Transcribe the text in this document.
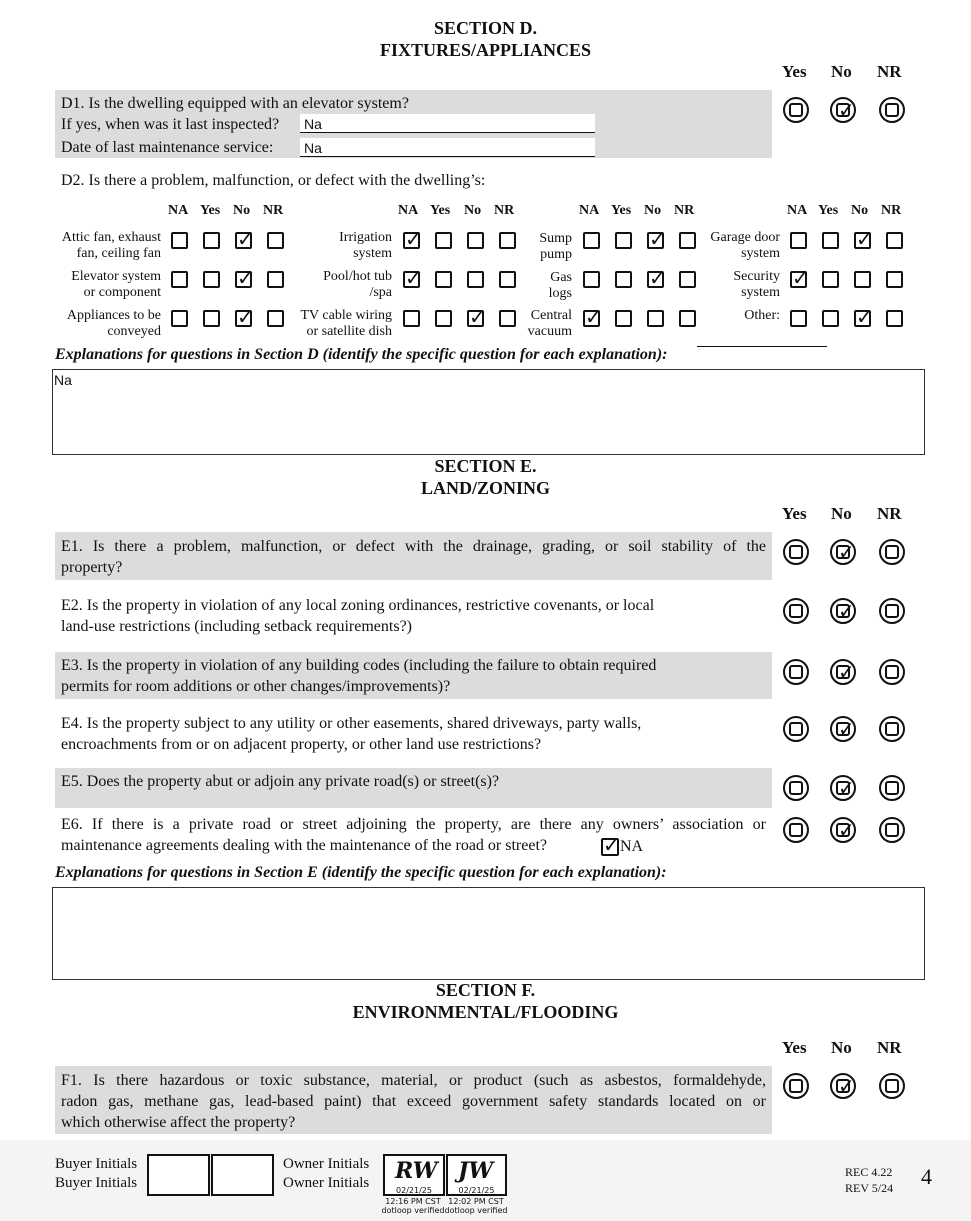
SECTION D.
FIXTURES/APPLIANCES
Yes No NR
D1. Is the dwelling equipped with an elevator system?
If yes, when was it last inspected? Na
Date of last maintenance service: Na
✓
D2. Is there a problem, malfunction, or defect with the dwelling’s:
NA Yes No NR	NA Yes No NR	NA Yes No NR	NA Yes No NR
Attic fan, exhaust
fan, ceiling fan
Irrigation
system
Sump
pump
Garage door
system
Elevator system
or component
Pool/hot tub
/spa
Gas
logs
Security
system
Appliances to be
conveyed
TV cable wiring
or satellite dish
Central
vacuum
Other:
✓
✓
✓
✓
✓
✓
✓
✓
✓
✓
✓
✓
Explanations for questions in Section D (identify the specific question for each explanation):
Na
SECTION E.
LAND/ZONING
Yes No NR
E1. Is there a problem, malfunction, or defect with the drainage, grading, or soil stability of the
property?
✓
E2. Is the property in violation of any local zoning ordinances, restrictive covenants, or local
land-use restrictions (including setback requirements?)
✓
E3. Is the property in violation of any building codes (including the failure to obtain required
permits for room additions or other changes/improvements)?
✓
E4. Is the property subject to any utility or other easements, shared driveways, party walls,
encroachments from or on adjacent property, or other land use restrictions?
✓
E5. Does the property abut or adjoin any private road(s) or street(s)?
✓
E6. If there is a private road or street adjoining the property, are there any owners’ association or
maintenance agreements dealing with the maintenance of the road or street?
✓	NA
✓
Explanations for questions in Section E (identify the specific question for each explanation):
SECTION F.
ENVIRONMENTAL/FLOODING
Yes No NR
F1. Is there hazardous or toxic substance, material, or product (such as asbestos, formaldehyde,
radon gas, methane gas, lead-based paint) that exceed government safety standards located on or
which otherwise affect the property?
✓
Buyer Initials
Buyer Initials
Owner Initials
Owner Initials RW
02/21/25
JW
02/21/25
12:16 PM CST
dotloop verified
12:02 PM CST
dotloop verified
REC 4.22
REV 5/24 4
